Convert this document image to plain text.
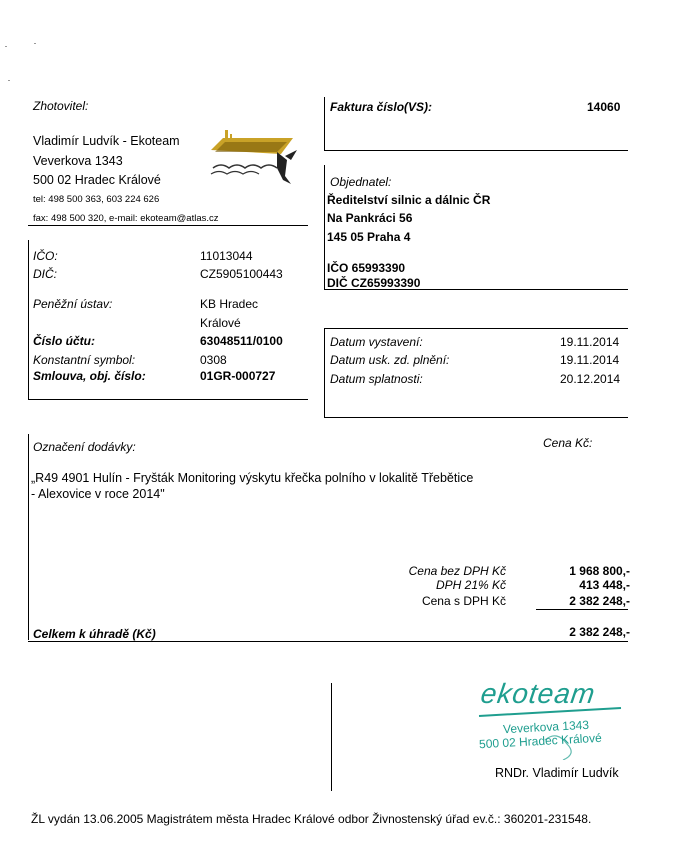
Zhotovitel:
Vladimír Ludvík - Ekoteam
Veverkova 1343
500 02 Hradec Králové
tel: 498 500 363, 603 224 626
fax: 498 500 320, e-mail: ekoteam@atlas.cz
IČO:	11013044
DIČ:	CZ5905100443
Peněžní ústav:	KB Hradec
Králové
Číslo účtu:	63048511/0100
Konstantní symbol:	0308
Smlouva, obj. číslo:	01GR-000727
Faktura číslo(VS):	14060
Objednatel:
Ředitelství silnic a dálnic ČR
Na Pankráci 56
145 05 Praha 4
IČO 65993390
DIČ CZ65993390
Datum vystavení:	19.11.2014
Datum usk. zd. plnění:	19.11.2014
Datum splatnosti:	20.12.2014
Označení dodávky:	Cena Kč:
„R49 4901 Hulín - Fryšták Monitoring výskytu křečka polního v lokalitě Třebětice
- Alexovice v roce 2014"
Cena bez DPH Kč	1 968 800,-
DPH 21% Kč	413 448,-
Cena s DPH Kč	2 382 248,-
Celkem k úhradě (Kč)	2 382 248,-
ekoteam
Veverkova 1343
500 02 Hradec Králové
RNDr. Vladimír Ludvík
ŽL vydán 13.06.2005 Magistrátem města Hradec Králové odbor Živnostenský úřad ev.č.: 360201-231548.
